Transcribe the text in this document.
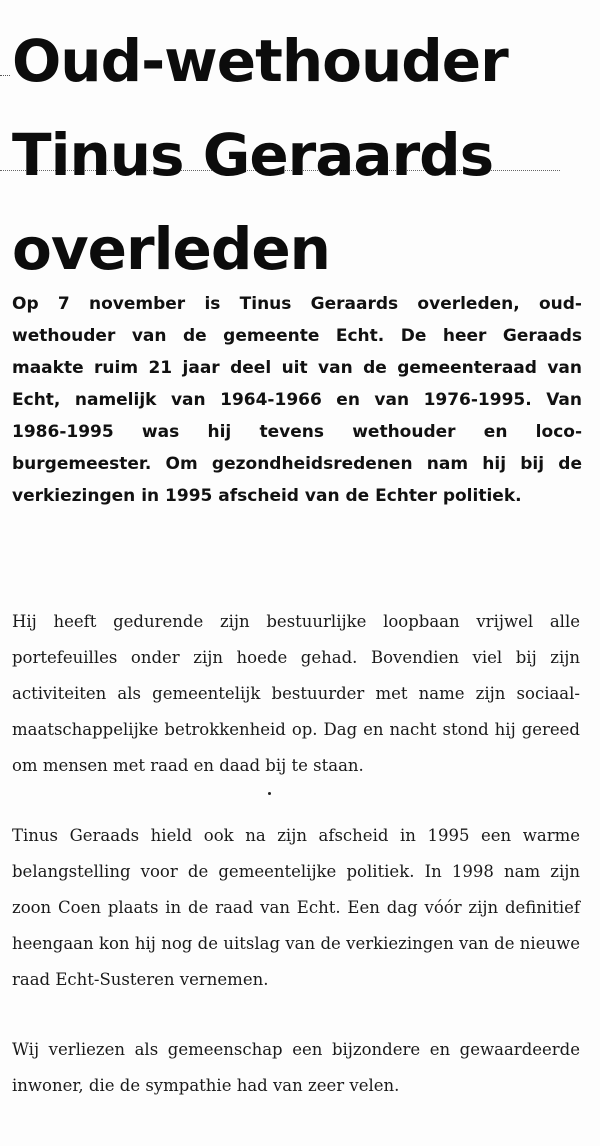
Oud-wethouder
Tinus Geraards
overleden

Op 7 november is Tinus Geraards overleden, oud-wethouder van de gemeente Echt. De heer Geraads maakte ruim 21 jaar deel uit van de gemeenteraad van Echt, namelijk van 1964-1966 en van 1976-1995. Van 1986-1995 was hij tevens wethouder en loco-burgemeester. Om gezondheidsredenen nam hij bij de verkiezingen in 1995 afscheid van de Echter politiek.

Hij heeft gedurende zijn bestuurlijke loopbaan vrijwel alle portefeuilles onder zijn hoede gehad. Bovendien viel bij zijn activiteiten als gemeentelijk bestuurder met name zijn sociaal-maatschappelijke betrokkenheid op. Dag en nacht stond hij gereed om mensen met raad en daad bij te staan.

Tinus Geraads hield ook na zijn afscheid in 1995 een warme belangstelling voor de gemeentelijke politiek. In 1998 nam zijn zoon Coen plaats in de raad van Echt. Een dag vóór zijn definitief heengaan kon hij nog de uitslag van de verkiezingen van de nieuwe raad Echt-Susteren vernemen.

Wij verliezen als gemeenschap een bijzondere en gewaardeerde inwoner, die de sympathie had van zeer velen.
